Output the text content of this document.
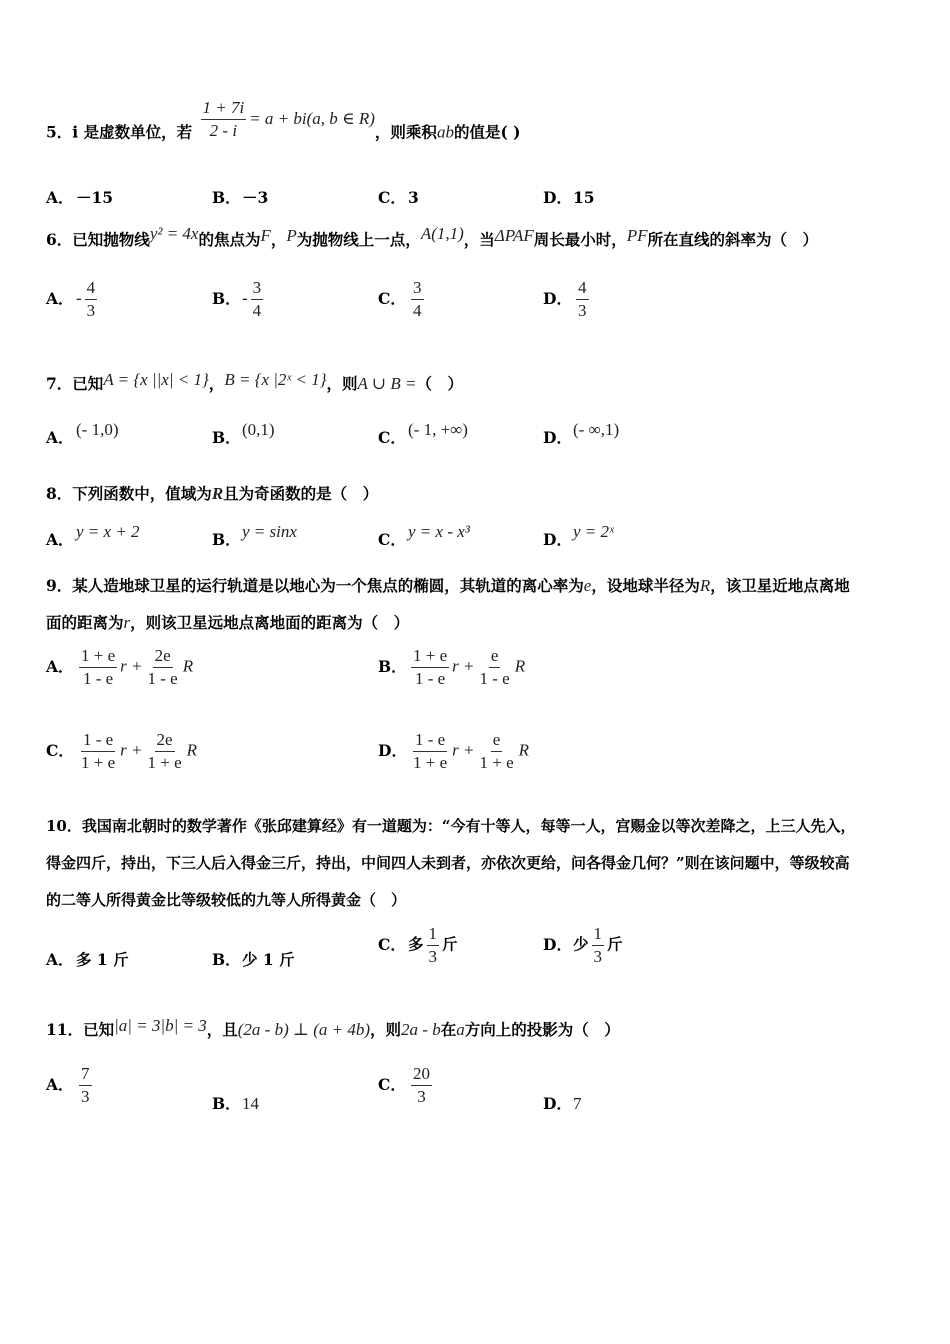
5．i 是虚数单位，若 $\frac{1 + 7i}{2 - i} = a + bi(a$, b ∈ R)，则乘积ab的值是( )
A． －15	B．－3	C． 3	D．15
6．已知抛物线y² = 4x的焦点为F，P为抛物线上一点，A(1,1)，当ΔPAF周长最小时，PF所在直线的斜率为（　）
A． - $\frac{4}{3}$	B．- $\frac{3}{4}$	C． $\frac{3}{4}$	D． $\frac{4}{3}$
7．已知A = {x ||x| < 1}，B = {x |2ˣ < 1}，则A ∪ B =（　）
A． (- 1,0)	B．(0,1)	C． (- 1, +∞)	D．(- ∞,1)
8．下列函数中，值域为R且为奇函数的是（　）
A． y = x + 2	B．y = sinx	C． y = x - x³	D．y = 2ˣ
9．某人造地球卫星的运行轨道是以地心为一个焦点的椭圆，其轨道的离心率为e，设地球半径为R，该卫星近地点离地
面的距离为r，则该卫星远地点离地面的距离为（　）
A． $\frac{1 + e}{1 - e}$ $r + \frac{2e}{1 - e}$ R	B． $\frac{1 + e}{1 - e}$ $r + \frac{e}{1 - e}$ R
C． $\frac{1 - e}{1 + e}$ $r + \frac{2e}{1 + e}$ R	D． $\frac{1 - e}{1 + e}$ $r + \frac{e}{1 + e}$ R
10．我国南北朝时的数学著作《张邱建算经》有一道题为：“今有十等人，每等一人，宫赐金以等次差降之，上三人先入，
得金四斤，持出，下三人后入得金三斤，持出，中间四人未到者，亦依次更给，问各得金几何？”则在该问题中，等级较高
的二等人所得黄金比等级较低的九等人所得黄金（　）
A． 多 1 斤	B．少 1 斤
C． 多 $\frac{1}{3}$ 斤	D．少 $\frac{1}{3}$ 斤
11．已知|a| = 3|b| = 3，且(2a - b) ⊥ (a + 4b)，则2a - b在a方向上的投影为（　）
A． $\frac{7}{3}$	B．14
C． $\frac{20}{3}$	D．7
